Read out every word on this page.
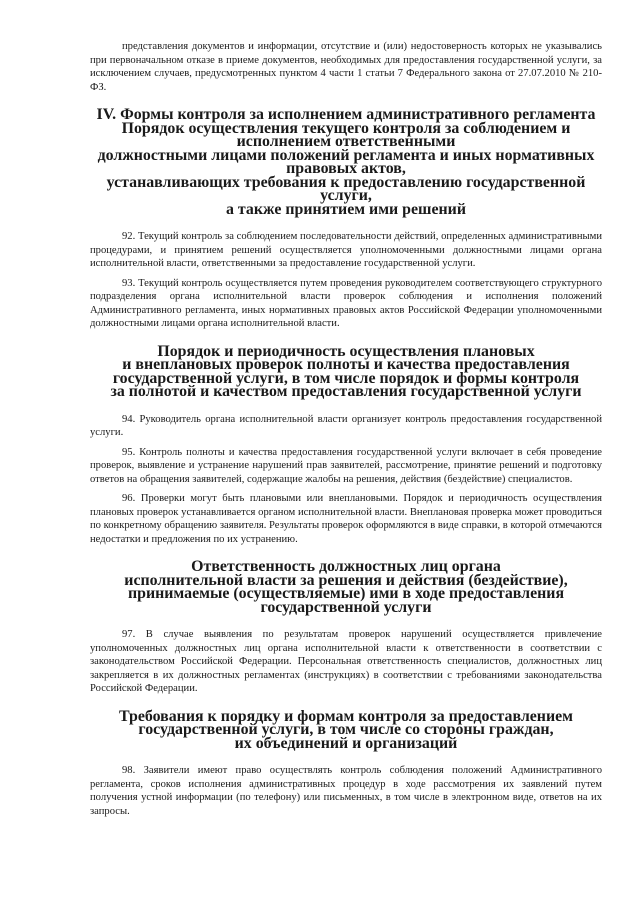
представления документов и информации, отсутствие и (или) недостоверность которых не указывались при первоначальном отказе в приеме документов, необходимых для предоставления государственной услуги, за исключением случаев, предусмотренных пунктом 4 части 1 статьи 7 Федерального закона от 27.07.2010 № 210-ФЗ.

IV. Формы контроля за исполнением административного регламента
Порядок осуществления текущего контроля за соблюдением и исполнением ответственными
должностными лицами положений регламента и иных нормативных правовых актов,
устанавливающих требования к предоставлению государственной услуги,
а также принятием ими решений

92. Текущий контроль за соблюдением последовательности действий, определенных административными процедурами, и принятием решений осуществляется уполномоченными должностными лицами органа исполнительной власти, ответственными за предоставление государственной услуги.

93. Текущий контроль осуществляется путем проведения руководителем соответствующего структурного подразделения органа исполнительной власти проверок соблюдения и исполнения положений Административного регламента, иных нормативных правовых актов Российской Федерации уполномоченными должностными лицами органа исполнительной власти.

Порядок и периодичность осуществления плановых
и внеплановых проверок полноты и качества предоставления
государственной услуги, в том числе порядок и формы контроля
за полнотой и качеством предоставления государственной услуги

94. Руководитель органа исполнительной власти организует контроль предоставления государственной услуги.

95. Контроль полноты и качества предоставления государственной услуги включает в себя проведение проверок, выявление и устранение нарушений прав заявителей, рассмотрение, принятие решений и подготовку ответов на обращения заявителей, содержащие жалобы на решения, действия (бездействие) специалистов.

96. Проверки могут быть плановыми или внеплановыми. Порядок и периодичность осуществления плановых проверок устанавливается органом исполнительной власти. Внеплановая проверка может проводиться по конкретному обращению заявителя. Результаты проверок оформляются в виде справки, в которой отмечаются недостатки и предложения по их устранению.

Ответственность должностных лиц органа
исполнительной власти за решения и действия (бездействие),
принимаемые (осуществляемые) ими в ходе предоставления государственной услуги

97. В случае выявления по результатам проверок нарушений осуществляется привлечение уполномоченных должностных лиц органа исполнительной власти к ответственности в соответствии с законодательством Российской Федерации. Персональная ответственность специалистов, должностных лиц закрепляется в их должностных регламентах (инструкциях) в соответствии с требованиями законодательства Российской Федерации.

Требования к порядку и формам контроля за предоставлением
государственной услуги, в том числе со стороны граждан,
их объединений и организаций

98. Заявители имеют право осуществлять контроль соблюдения положений Административного регламента, сроков исполнения административных процедур в ходе рассмотрения их заявлений путем получения устной информации (по телефону) или письменных, в том числе в электронном виде, ответов на их запросы.
